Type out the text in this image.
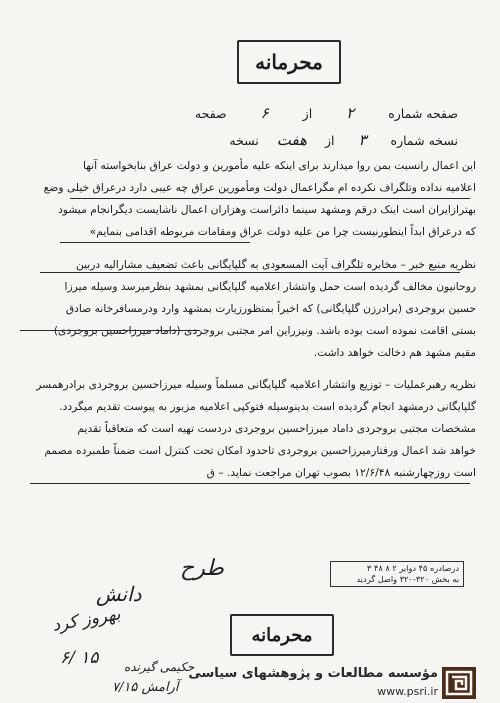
محرمانه
صفحه شماره ۲ از ۶ صفحه
نسخه شماره ۳ از هفت نسخه
این اعمال رانسبت بمن روا میدارند برای اینکه علیه مأمورین و دولت عراق بنابخواسته آنها
اعلامیه نداده وتلگراف نکرده ام مگراعمال دولت ومأمورین عراق چه عیبی دارد درعراق خیلی وضع
بهترازایران است اینک درقم ومشهد سینما دائراست وهزاران اعمال ناشایست دیگرانجام میشود
که درعراق ابداً اینطورنیست چرا من علیه دولت عراق ومقامات مربوطه اقدامی بنمایم»
نظریه منبع خبر – مخابره تلگراف آیت المسعودی به گلپایگانی باعث تضعیف مشارالیه دربین
روحانیون مخالف گردیده است حمل وانتشار اعلامیه گلپایگانی بمشهد بنظرمیرسد وسیله میرزا
حسین بروجردی (برادرزن گلپایگانی) که اخیراً بمنظورزیارت بمشهد وارد ودرمسافرخانه صادق
بستی اقامت نموده است بوده باشد. ونیزراین امر مجتبی بروجردی (داماد میرزاحسین بروجردی)
مقیم مشهد هم دخالت خواهد داشت.
نظریه رهبرعملیات – توزیع وانتشار اعلامیه گلپایگانی مسلماً وسیله میرزاحسین بروجردی برادرهمسر
گلپایگانی درمشهد انجام گردیده است بدینوسیله فتوکپی اعلامیه مزبور به پیوست تقدیم میگردد.
مشخصات مجتبی بروجردی داماد میرزاحسین بروجردی دردست تهیه است که متعاقباً تقدیم
خواهد شد اعمال ورفتارمیرزاحسین بروجردی تاحدود امکان تحت کنترل است ضمناً طمبرده مصمم
است روزچهارشنبه ۱۲/۶/۴۸ بصوب تهران مراجعت نماید. – ق
درصادره ۴۵ دوایر ۲ ۸ ۴۸ ۳
به بخش ۳۲۰-۳۲۰ واصل گردید
طرح
دانش
بهروز کرد
۱۵ /۶
آرامش ۷/۱۵
حکیمی گیرنده
محرمانه
مؤسسه مطالعات و پژوهشهای سیاسی
www.psri.ir
